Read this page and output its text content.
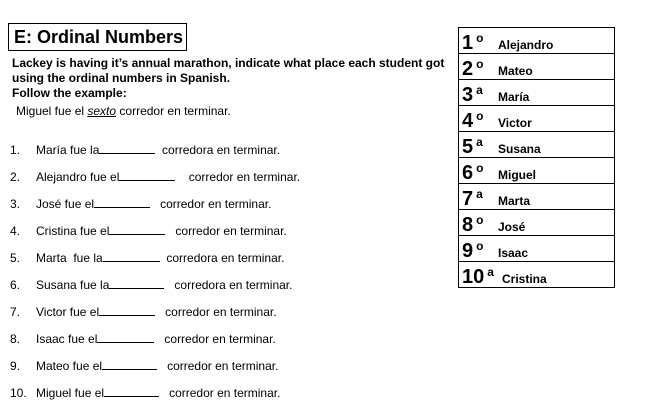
E: Ordinal Numbers
Lackey is having it’s annual marathon, indicate what place each student got
using the ordinal numbers in Spanish.
Follow the example:
Miguel fue el sexto corredor en terminar.
1. María fue la	corredora en terminar.
2. Alejandro fue el	corredor en terminar.
3. José fue el	corredor en terminar.
4. Cristina fue el	corredor en terminar.
5. Marta  fue la	corredora en terminar.
6. Susana fue la	corredora en terminar.
7. Victor fue el	corredor en terminar.
8. Isaac fue el	corredor en terminar.
9. Mateo fue el	corredor en terminar.
10. Miguel fue el	corredor en terminar.
1 $^o$ Alejandro
2 $^o$ Mateo
3 $^a$ María
4 $^o$ Victor
5 $^a$ Susana
6 $^o$ Miguel
7 $^a$ Marta
8 $^o$ José
9 $^o$ Isaac
10 $^a$ Cristina
